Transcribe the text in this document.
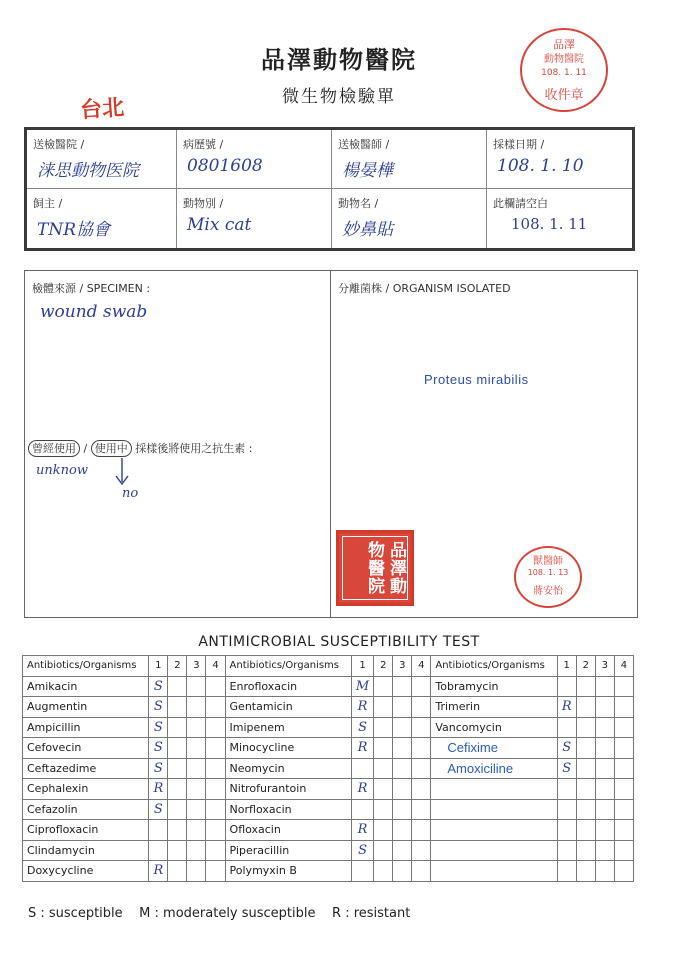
品澤動物醫院
微生物檢驗單
台北
品澤
動物醫院
108. 1. 11
收件章
送檢醫院 /
涞思動物医院
病歷號 /
0801608
送檢醫師 /
楊晏樺
採樣日期 /
108. 1. 10
飼主 /
TNR協會
動物別 /
Mix cat
動物名 /
妙鼻貼
此欄請空白
108. 1. 11
檢體來源 / SPECIMEN :
wound swab
曾經使用 / 使用中 採樣後將使用之抗生素 :
unknow
no
分離菌株 / ORGANISM ISOLATED
Proteus mirabilis
品澤動物醫院	獸醫師
108. 1. 13
蔣安怡
ANTIMICROBIAL SUSCEPTIBILITY TEST
Antibiotics/Organisms	1	2	3	4	Antibiotics/Organisms	1	2	3	4	Antibiotics/Organisms	1	2	3	4
Amikacin	S				Enrofloxacin	M				Tobramycin				
Augmentin	S				Gentamicin	R				Trimerin	R			
Ampicillin	S				Imipenem	S				Vancomycin				
Cefovecin	S				Minocycline	R				Cefixime	S			
Ceftazedime	S				Neomycin					Amoxiciline	S			
Cephalexin	R				Nitrofurantoin	R								
Cefazolin	S				Norfloxacin									
Ciprofloxacin					Ofloxacin	R								
Clindamycin					Piperacillin	S								
Doxycycline	R				Polymyxin B									
S : susceptible    M : moderately susceptible    R : resistant
